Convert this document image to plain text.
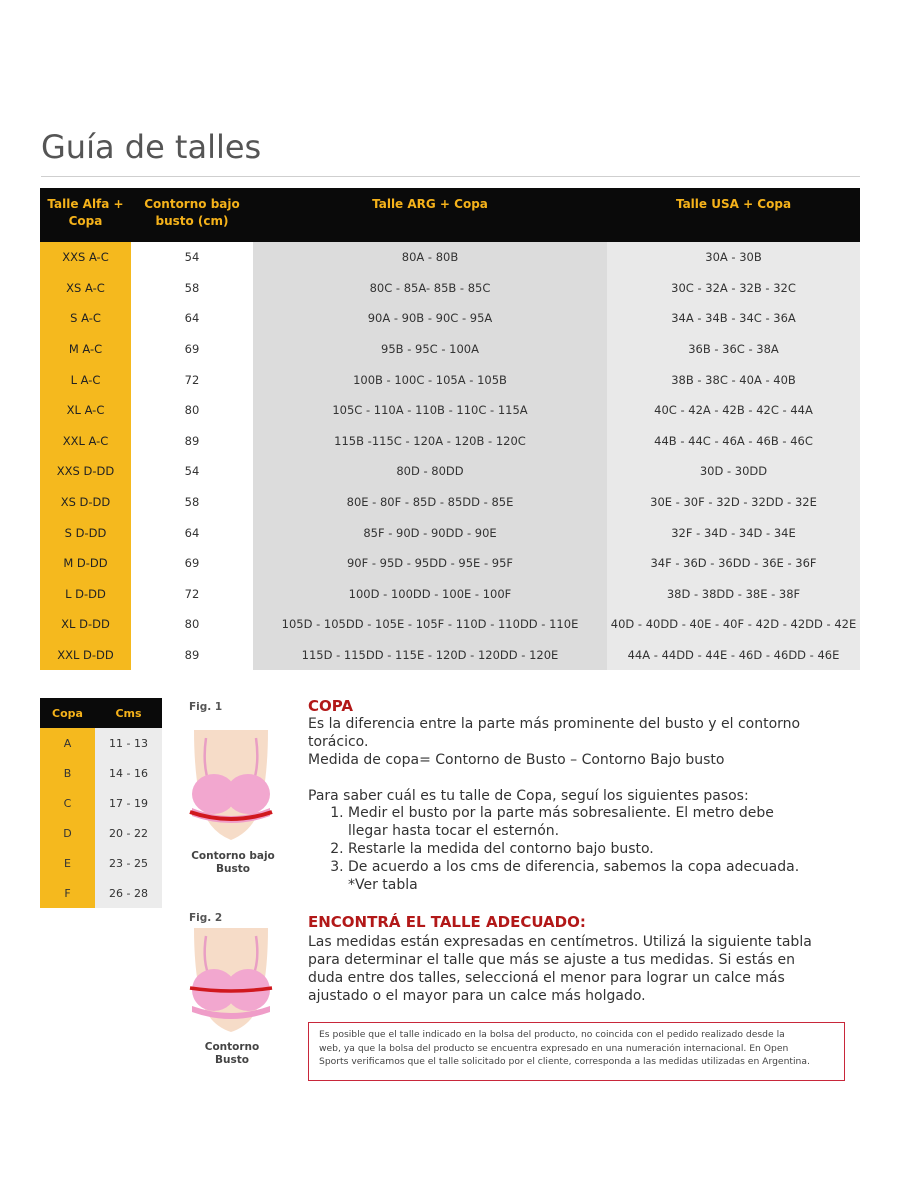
Guía de talles
Talle Alfa + Copa	Contorno bajo busto (cm)	Talle ARG + Copa	Talle USA + Copa
XXS A-C	54	80A - 80B	30A - 30B
XS A-C	58	80C - 85A- 85B - 85C	30C - 32A - 32B - 32C
S A-C	64	90A - 90B - 90C - 95A	34A - 34B - 34C - 36A
M A-C	69	95B - 95C - 100A	36B - 36C - 38A
L A-C	72	100B - 100C - 105A - 105B	38B - 38C - 40A - 40B
XL A-C	80	105C - 110A - 110B - 110C - 115A	40C - 42A - 42B - 42C - 44A
XXL A-C	89	115B -115C - 120A - 120B - 120C	44B - 44C - 46A - 46B - 46C
XXS D-DD	54	80D - 80DD	30D - 30DD
XS D-DD	58	80E - 80F - 85D - 85DD - 85E	30E - 30F - 32D - 32DD - 32E
S D-DD	64	85F - 90D - 90DD - 90E	32F - 34D - 34D - 34E
M D-DD	69	90F - 95D - 95DD - 95E - 95F	34F - 36D - 36DD - 36E - 36F
L D-DD	72	100D - 100DD - 100E - 100F	38D - 38DD - 38E - 38F
XL D-DD	80	105D - 105DD - 105E - 105F - 110D - 110DD - 110E	40D - 40DD - 40E - 40F - 42D - 42DD - 42E
XXL D-DD	89	115D - 115DD - 115E - 120D - 120DD - 120E	44A - 44DD - 44E - 46D - 46DD - 46E
Copa	Cms
A	11 - 13
B	14 - 16
C	17 - 19
D	20 - 22
E	23 - 25
F	26 - 28
Fig. 1
Contorno bajo
Busto
Fig. 2
Contorno Busto
COPA
Es la diferencia entre la parte más prominente del busto y el contorno
torácico.
Medida de copa= Contorno de Busto – Contorno Bajo busto
Para saber cuál es tu talle de Copa, seguí los siguientes pasos:
1. Medir el busto por la parte más sobresaliente. El metro debe
llegar hasta tocar el esternón.
2. Restarle la medida del contorno bajo busto.
3. De acuerdo a los cms de diferencia, sabemos la copa adecuada.
*Ver tabla
ENCONTRÁ EL TALLE ADECUADO:
Las medidas están expresadas en centímetros. Utilizá la siguiente tabla
para determinar el talle que más se ajuste a tus medidas. Si estás en
duda entre dos talles, seleccioná el menor para lograr un calce más
ajustado o el mayor para un calce más holgado.
Es posible que el talle indicado en la bolsa del producto, no coincida con el pedido realizado desde la
web, ya que la bolsa del producto se encuentra expresado en una numeración internacional. En Open
Sports verificamos que el talle solicitado por el cliente, corresponda a las medidas utilizadas en Argentina.
